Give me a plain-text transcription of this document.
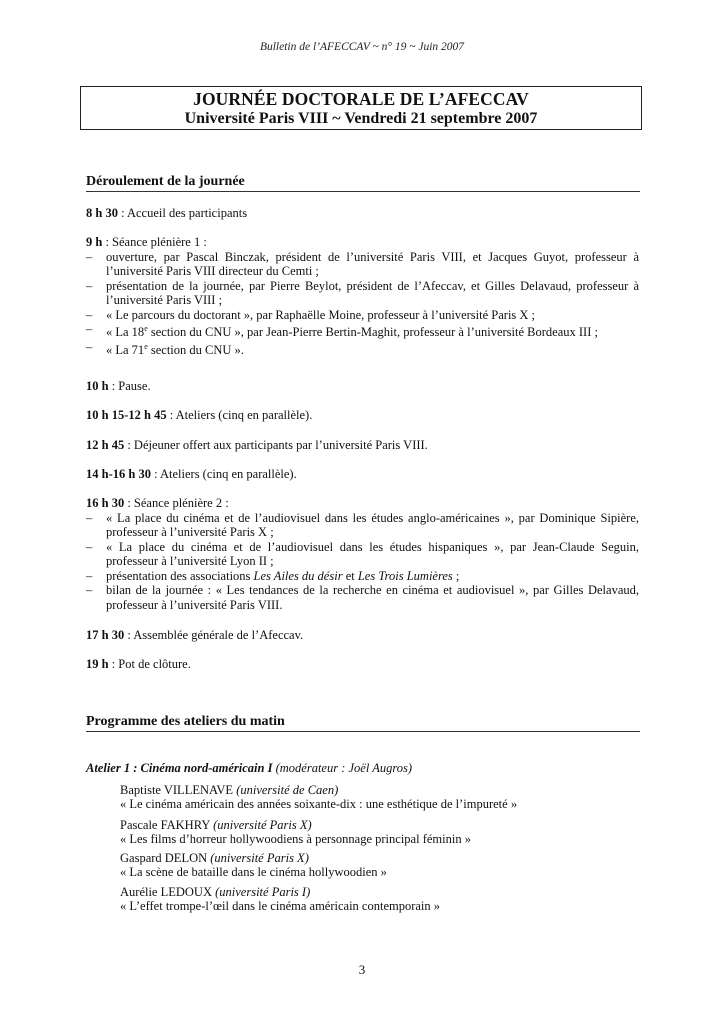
Bulletin de l’AFECCAV ~ n° 19 ~ Juin 2007
JOURNÉE DOCTORALE DE L’AFECCAV
Université Paris VIII ~ Vendredi 21 septembre 2007
Déroulement de la journée
8 h 30 : Accueil des participants
9 h : Séance plénière 1 :
– ouverture, par Pascal Binczak, président de l’université Paris VIII, et Jacques Guyot, professeur à l’université Paris VIII directeur du Cemti ;
– présentation de la journée, par Pierre Beylot, président de l’Afeccav, et Gilles Delavaud, professeur à l’université Paris VIII ;
– « Le parcours du doctorant », par Raphaëlle Moine, professeur à l’université Paris X ;
– « La 18e section du CNU », par Jean-Pierre Bertin-Maghit, professeur à l’université Bordeaux III ;
– « La 71e section du CNU ».
10 h : Pause.
10 h 15-12 h 45 : Ateliers (cinq en parallèle).
12 h 45 : Déjeuner offert aux participants par l’université Paris VIII.
14 h-16 h 30 : Ateliers (cinq en parallèle).
16 h 30 : Séance plénière 2 :
– « La place du cinéma et de l’audiovisuel dans les études anglo-américaines », par Dominique Sipière, professeur à l’université Paris X ;
– « La place du cinéma et de l’audiovisuel dans les études hispaniques », par Jean-Claude Seguin, professeur à l’université Lyon II ;
– présentation des associations Les Ailes du désir et Les Trois Lumières ;
– bilan de la journée : « Les tendances de la recherche en cinéma et audiovisuel », par Gilles Delavaud, professeur à l’université Paris VIII.
17 h 30 : Assemblée générale de l’Afeccav.
19 h : Pot de clôture.
Programme des ateliers du matin
Atelier 1 : Cinéma nord-américain I (modérateur : Joël Augros)
Baptiste VILLENAVE (université de Caen)
« Le cinéma américain des années soixante-dix : une esthétique de l’impureté »
Pascale FAKHRY (université Paris X)
« Les films d’horreur hollywoodiens à personnage principal féminin »
Gaspard DELON (université Paris X)
« La scène de bataille dans le cinéma hollywoodien »
Aurélie LEDOUX (université Paris I)
« L’effet trompe-l’œil dans le cinéma américain contemporain »
3
